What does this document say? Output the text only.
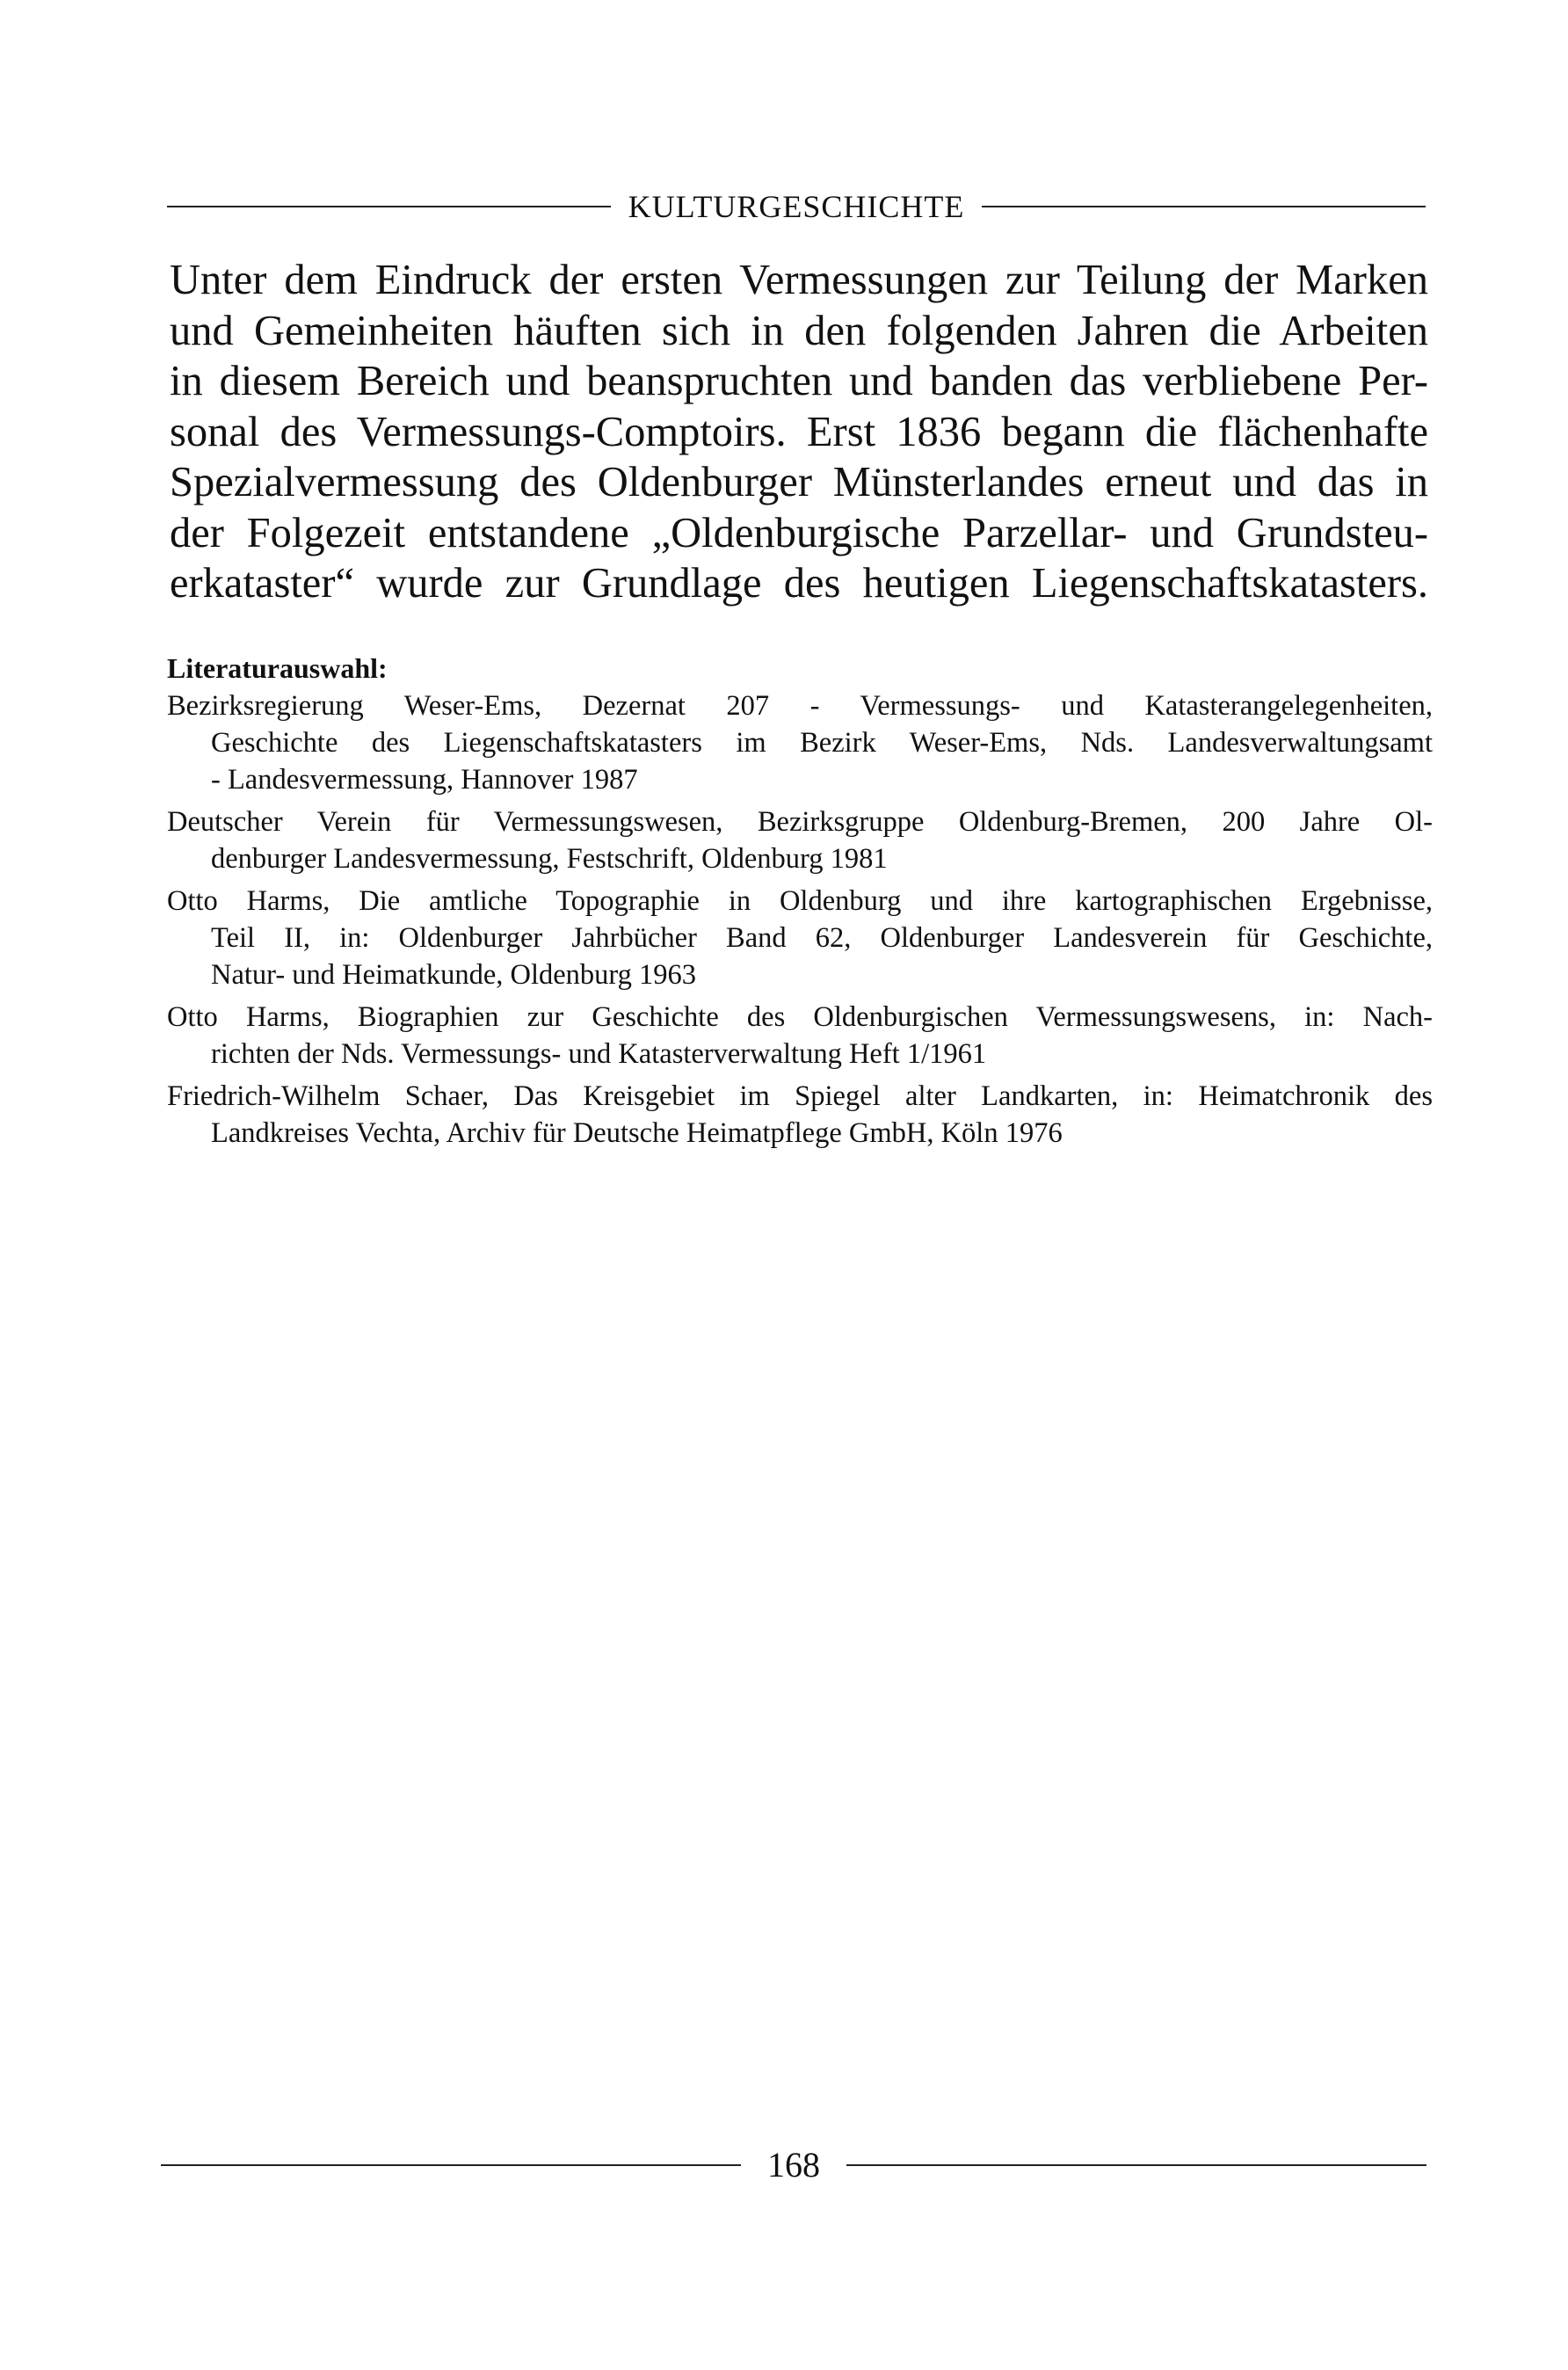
KULTURGESCHICHTE

Unter dem Eindruck der ersten Vermessungen zur Teilung der Marken
und Gemeinheiten häuften sich in den folgenden Jahren die Arbeiten
in diesem Bereich und beanspruchten und banden das verbliebene Per-
sonal des Vermessungs-Comptoirs. Erst 1836 begann die flächenhafte
Spezialvermessung des Oldenburger Münsterlandes erneut und das in
der Folgezeit entstandene „Oldenburgische Parzellar- und Grundsteu-
erkataster“ wurde zur Grundlage des heutigen Liegenschaftskatasters.

Literaturauswahl:
Bezirksregierung Weser-Ems, Dezernat 207 - Vermessungs- und Katasterangelegenheiten,
Geschichte des Liegenschaftskatasters im Bezirk Weser-Ems, Nds. Landesverwaltungsamt
- Landesvermessung, Hannover 1987
Deutscher Verein für Vermessungswesen, Bezirksgruppe Oldenburg-Bremen, 200 Jahre Ol-
denburger Landesvermessung, Festschrift, Oldenburg 1981
Otto Harms, Die amtliche Topographie in Oldenburg und ihre kartographischen Ergebnisse,
Teil II, in: Oldenburger Jahrbücher Band 62, Oldenburger Landesverein für Geschichte,
Natur- und Heimatkunde, Oldenburg 1963
Otto Harms, Biographien zur Geschichte des Oldenburgischen Vermessungswesens, in: Nach-
richten der Nds. Vermessungs- und Katasterverwaltung Heft 1/1961
Friedrich-Wilhelm Schaer, Das Kreisgebiet im Spiegel alter Landkarten, in: Heimatchronik des
Landkreises Vechta, Archiv für Deutsche Heimatpflege GmbH, Köln 1976
168
